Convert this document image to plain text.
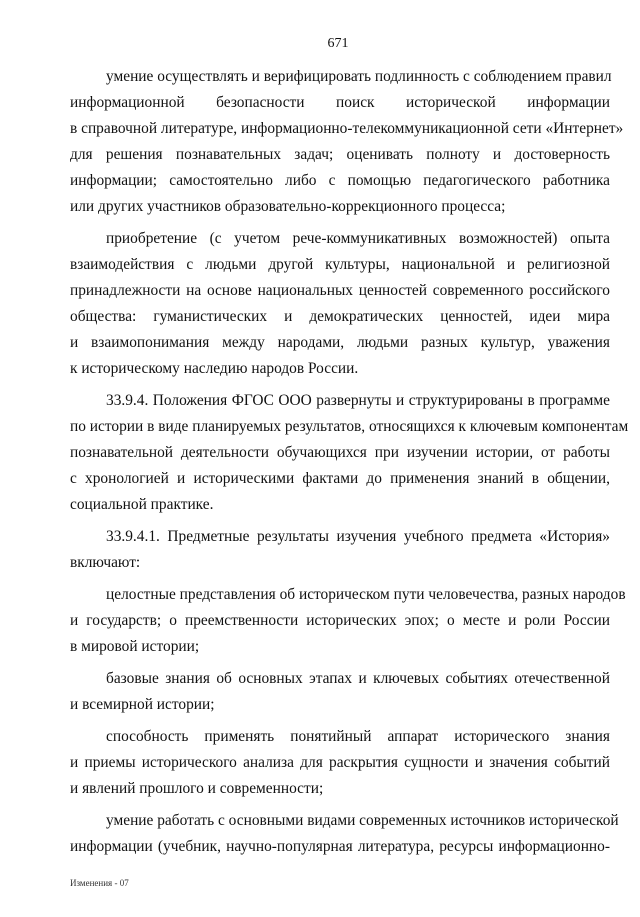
671
умение осуществлять и верифицировать подлинность с соблюдением правил
информационной безопасности поиск исторической информации
в справочной литературе, информационно-телекоммуникационной сети «Интернет»
для решения познавательных задач; оценивать полноту и достоверность
информации; самостоятельно либо с помощью педагогического работника
или других участников образовательно-коррекционного процесса;
приобретение (с учетом рече-коммуникативных возможностей) опыта
взаимодействия с людьми другой культуры, национальной и религиозной
принадлежности на основе национальных ценностей современного российского
общества: гуманистических и демократических ценностей, идеи мира
и взаимопонимания между народами, людьми разных культур, уважения
к историческому наследию народов России.
33.9.4. Положения ФГОС ООО развернуты и структурированы в программе
по истории в виде планируемых результатов, относящихся к ключевым компонентам
познавательной деятельности обучающихся при изучении истории, от работы
с хронологией и историческими фактами до применения знаний в общении,
социальной практике.
33.9.4.1. Предметные результаты изучения учебного предмета «История»
включают:
целостные представления об историческом пути человечества, разных народов
и государств; о преемственности исторических эпох; о месте и роли России
в мировой истории;
базовые знания об основных этапах и ключевых событиях отечественной
и всемирной истории;
способность применять понятийный аппарат исторического знания
и приемы исторического анализа для раскрытия сущности и значения событий
и явлений прошлого и современности;
умение работать с основными видами современных источников исторической
информации (учебник, научно-популярная литература, ресурсы информационно-
Изменения - 07
